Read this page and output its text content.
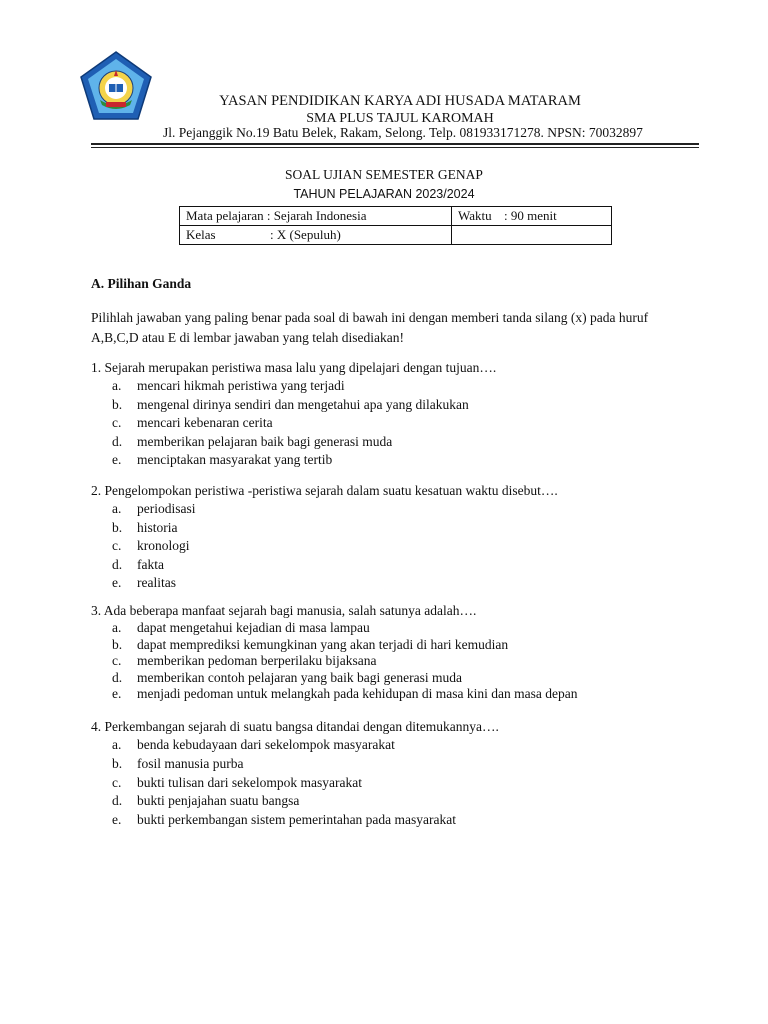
YASAN PENDIDIKAN KARYA ADI HUSADA MATARAM
SMA PLUS TAJUL KAROMAH
Jl. Pejanggik No.19 Batu Belek, Rakam, Selong. Telp. 081933171278. NPSN: 70032897
SOAL UJIAN SEMESTER GENAP
TAHUN PELAJARAN 2023/2024
Mata pelajaran : Sejarah Indonesia	Waktu : 90 menit
Kelas : X (Sepuluh)	
A. Pilihan Ganda
Pilihlah jawaban yang paling benar pada soal di bawah ini dengan memberi tanda silang (x) pada huruf A,B,C,D atau E di lembar jawaban yang telah disediakan!
1. Sejarah merupakan peristiwa masa lalu yang dipelajari dengan tujuan….
a. mencari hikmah peristiwa yang terjadi
b. mengenal dirinya sendiri dan mengetahui apa yang dilakukan
c. mencari kebenaran cerita
d. memberikan pelajaran baik bagi generasi muda
e. menciptakan masyarakat yang tertib
2. Pengelompokan peristiwa -peristiwa sejarah dalam suatu kesatuan waktu disebut….
a. periodisasi
b. historia
c. kronologi
d. fakta
e. realitas
3. Ada beberapa manfaat sejarah bagi manusia, salah satunya adalah….
a. dapat mengetahui kejadian di masa lampau
b. dapat memprediksi kemungkinan yang akan terjadi di hari kemudian
c. memberikan pedoman berperilaku bijaksana
d. memberikan contoh pelajaran yang baik bagi generasi muda
e. menjadi pedoman untuk melangkah pada kehidupan di masa kini dan masa depan
4. Perkembangan sejarah di suatu bangsa ditandai dengan ditemukannya….
a. benda kebudayaan dari sekelompok masyarakat
b. fosil manusia purba
c. bukti tulisan dari sekelompok masyarakat
d. bukti penjajahan suatu bangsa
e. bukti perkembangan sistem pemerintahan pada masyarakat
